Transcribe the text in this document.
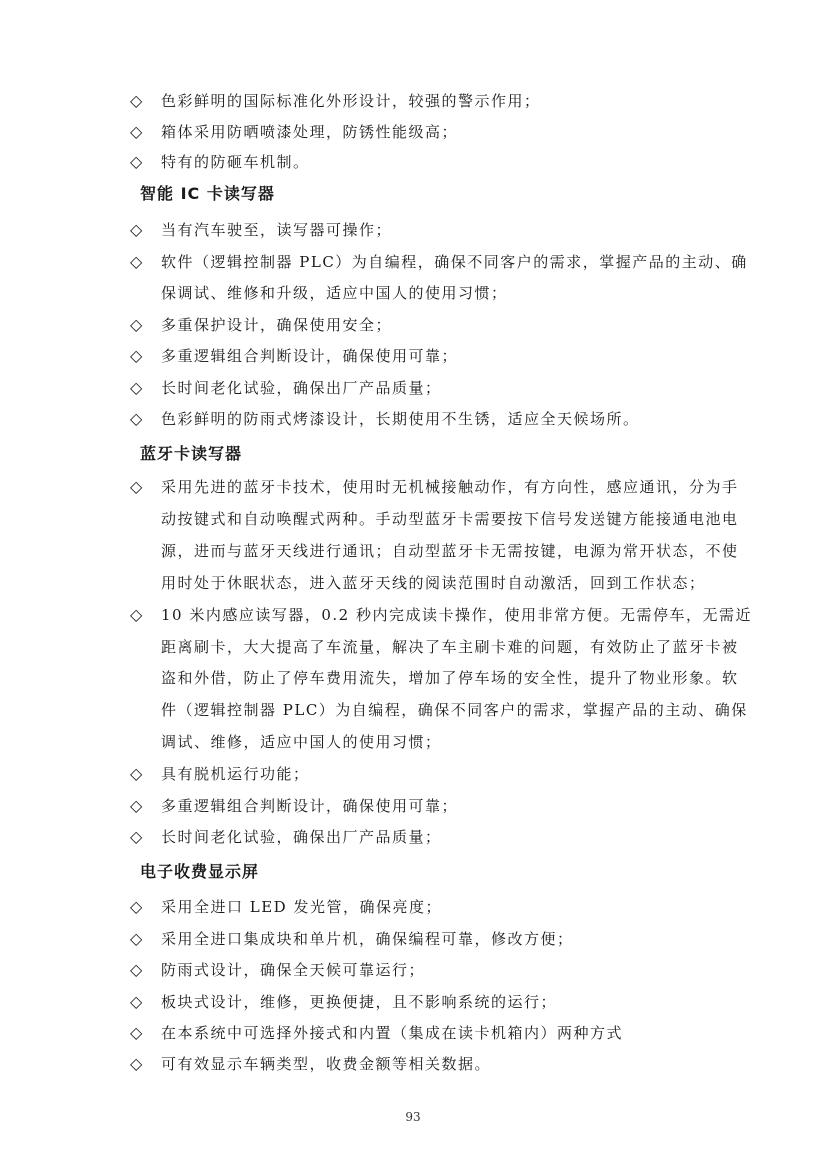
◇ 色彩鲜明的国际标准化外形设计，较强的警示作用；
◇ 箱体采用防晒喷漆处理，防锈性能级高；
◇ 特有的防砸车机制。
智能 IC 卡读写器
◇ 当有汽车驶至，读写器可操作；
◇ 软件（逻辑控制器 PLC）为自编程，确保不同客户的需求，掌握产品的主动、确
保调试、维修和升级，适应中国人的使用习惯；
◇ 多重保护设计，确保使用安全；
◇ 多重逻辑组合判断设计，确保使用可靠；
◇ 长时间老化试验，确保出厂产品质量；
◇ 色彩鲜明的防雨式烤漆设计，长期使用不生锈，适应全天候场所。
蓝牙卡读写器
◇ 采用先进的蓝牙卡技术，使用时无机械接触动作，有方向性，感应通讯，分为手
动按键式和自动唤醒式两种。手动型蓝牙卡需要按下信号发送键方能接通电池电
源，进而与蓝牙天线进行通讯；自动型蓝牙卡无需按键，电源为常开状态，不使
用时处于休眠状态，进入蓝牙天线的阅读范围时自动激活，回到工作状态；
◇ 10 米内感应读写器，0.2 秒内完成读卡操作，使用非常方便。无需停车，无需近
距离刷卡，大大提高了车流量，解决了车主刷卡难的问题，有效防止了蓝牙卡被
盗和外借，防止了停车费用流失，增加了停车场的安全性，提升了物业形象。软
件（逻辑控制器 PLC）为自编程，确保不同客户的需求，掌握产品的主动、确保
调试、维修，适应中国人的使用习惯；
◇ 具有脱机运行功能；
◇ 多重逻辑组合判断设计，确保使用可靠；
◇ 长时间老化试验，确保出厂产品质量；
电子收费显示屏
◇ 采用全进口 LED 发光管，确保亮度；
◇ 采用全进口集成块和单片机，确保编程可靠，修改方便；
◇ 防雨式设计，确保全天候可靠运行；
◇ 板块式设计，维修，更换便捷，且不影响系统的运行；
◇ 在本系统中可选择外接式和内置（集成在读卡机箱内）两种方式
◇ 可有效显示车辆类型，收费金额等相关数据。
93
